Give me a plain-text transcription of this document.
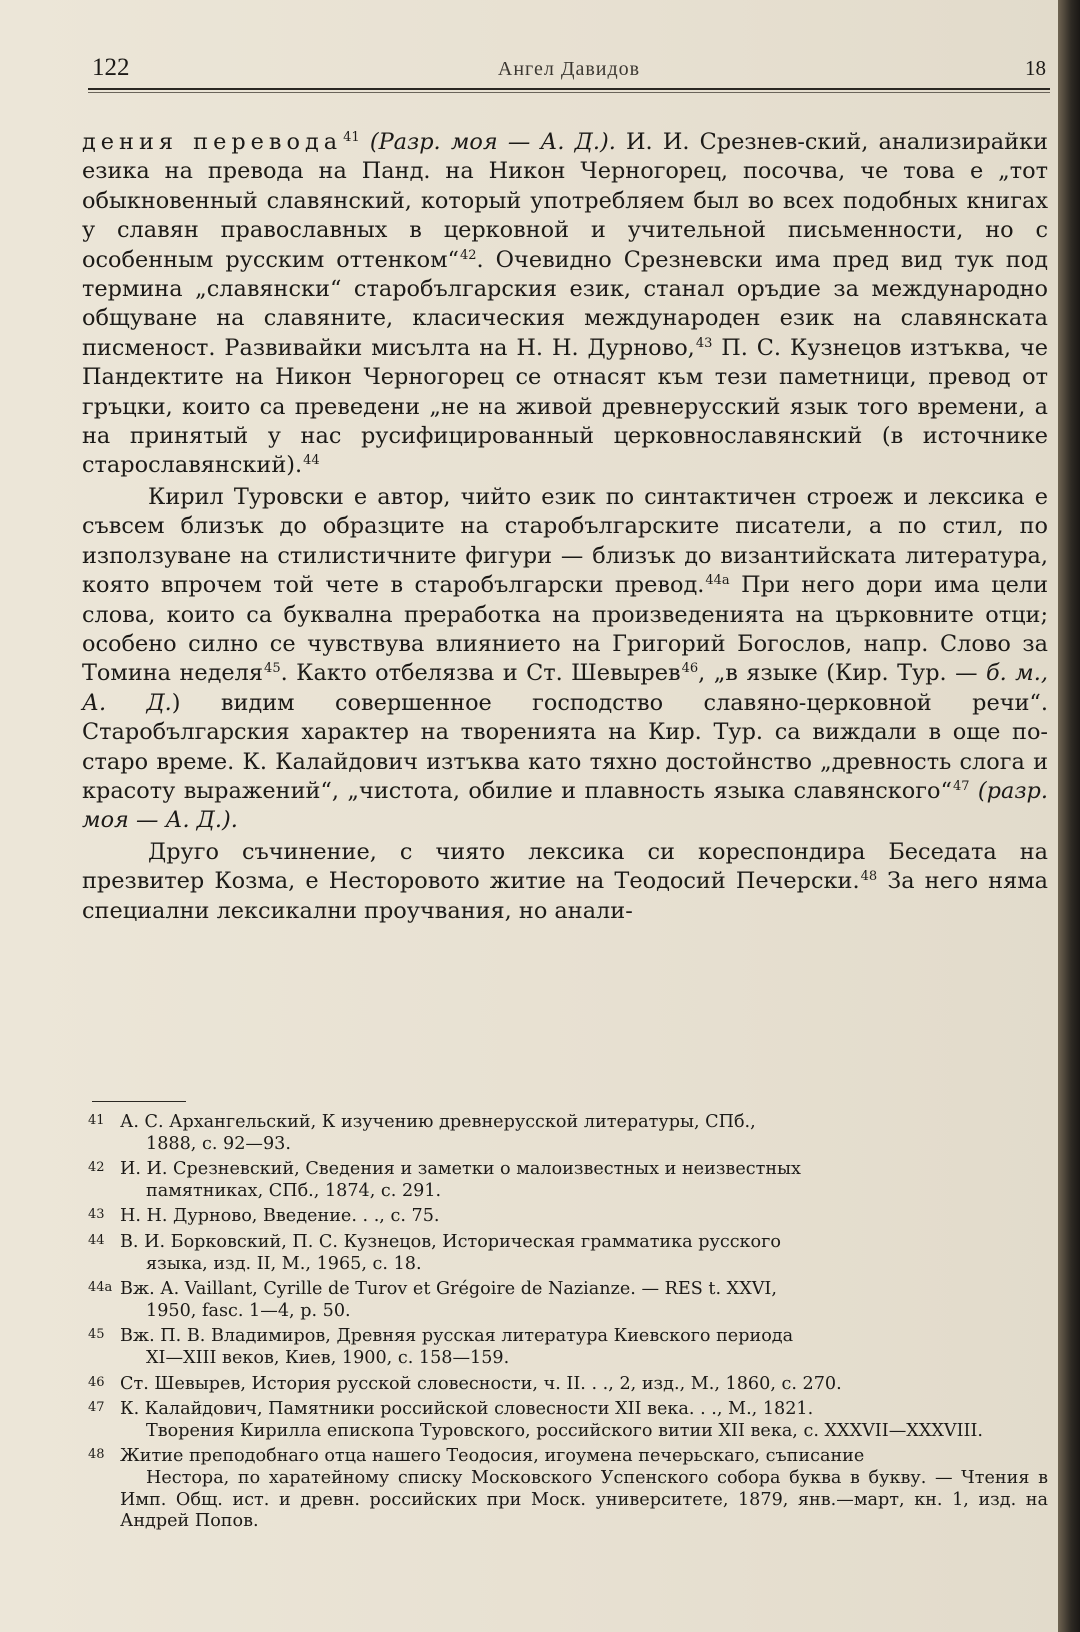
122	Ангел Давидов	18

дения перевода$^{41}$ (Разр. моя — А. Д.). И. И. Срезнев-ский, анализирайки езика на превода на Панд. на Никон Черногорец, посочва, че това е „тот обыкновенный славянский, который употребляем был во всех подобных книгах у славян православных в церковной и учительной письменности, но с особенным русским оттенком“$^{42}$. Очевидно Срезневски има пред вид тук под термина „славянски“ старобългарския език, станал оръдие за международно общуване на славяните, класическия международен език на славянската писменост. Развивайки мисълта на Н. Н. Дурново,$^{43}$ П. С. Кузнецов изтъква, че Пандектите на Никон Черногорец се отнасят към тези паметници, превод от гръцки, които са преведени „не на живой древнерусский язык того времени, а на принятый у нас русифицированный церковнославянский (в источнике старославянский).$^{44}$

Кирил Туровски е автор, чийто език по синтактичен строеж и лексика е съвсем близък до образците на старобългарските писатели, а по стил, по използуване на стилистичните фигури — близък до византийската литература, която впрочем той чете в старобългарски превод.$^{44а}$ При него дори има цели слова, които са буквална преработка на произведенията на църковните отци; особено силно се чувствува влиянието на Григорий Богослов, напр. Слово за Томина неделя$^{45}$. Както отбелязва и Ст. Шевырев$^{46}$, „в языке (Кир. Тур. — б. м., А. Д.) видим совершенное господство славяно-церковной речи“. Старобългарския характер на творенията на Кир. Тур. са виждали в още по-старо време. К. Калайдович изтъква като тяхно достойнство „древность слога и красоту выражений“, „чистота, обилие и плавность языка славянского“$^{47}$ (разр. моя — А. Д.).

Друго съчинение, с чиято лексика си кореспондира Беседата на презвитер Козма, е Несторовото житие на Теодосий Печерски.$^{48}$ За него няма специални лексикални проучвания, но анали-

41 А. С. Архангельский, К изучению древнерусской литературы, СПб.,
1888, с. 92—93.
42 И. И. Срезневский, Сведения и заметки о малоизвестных и неизвестных
памятниках, СПб., 1874, с. 291.
43 Н. Н. Дурново, Введение. . ., с. 75.
44 В. И. Борковский, П. С. Кузнецов, Историческая грамматика русского
языка, изд. II, М., 1965, с. 18.
44а Вж. А. Vaillant, Cyrille de Turov et Grégoire de Nazianze. — RES t. XXVI,
1950, fasc. 1—4, p. 50.
45 Вж. П. В. Владимиров, Древняя русская литература Киевского периода
XI—XIII веков, Киев, 1900, с. 158—159.
46 Ст. Шевырев, История русской словесности, ч. II. . ., 2, изд., М., 1860, с. 270.
47 К. Калайдович, Памятники российской словесности XII века. . ., М., 1821.
Творения Кирилла епископа Туровского, российского витии XII века, с. XXXVII—XXXVIII.
48 Житие преподобнаго отца нашего Теодосия, игоумена печерьскаго, съписание
Нестора, по харатейному списку Московского Успенского собора буква в букву. — Чтения в Имп. Общ. ист. и древн. российских при Моск. университете, 1879, янв.—март, кн. 1, изд. на Андрей Попов.
